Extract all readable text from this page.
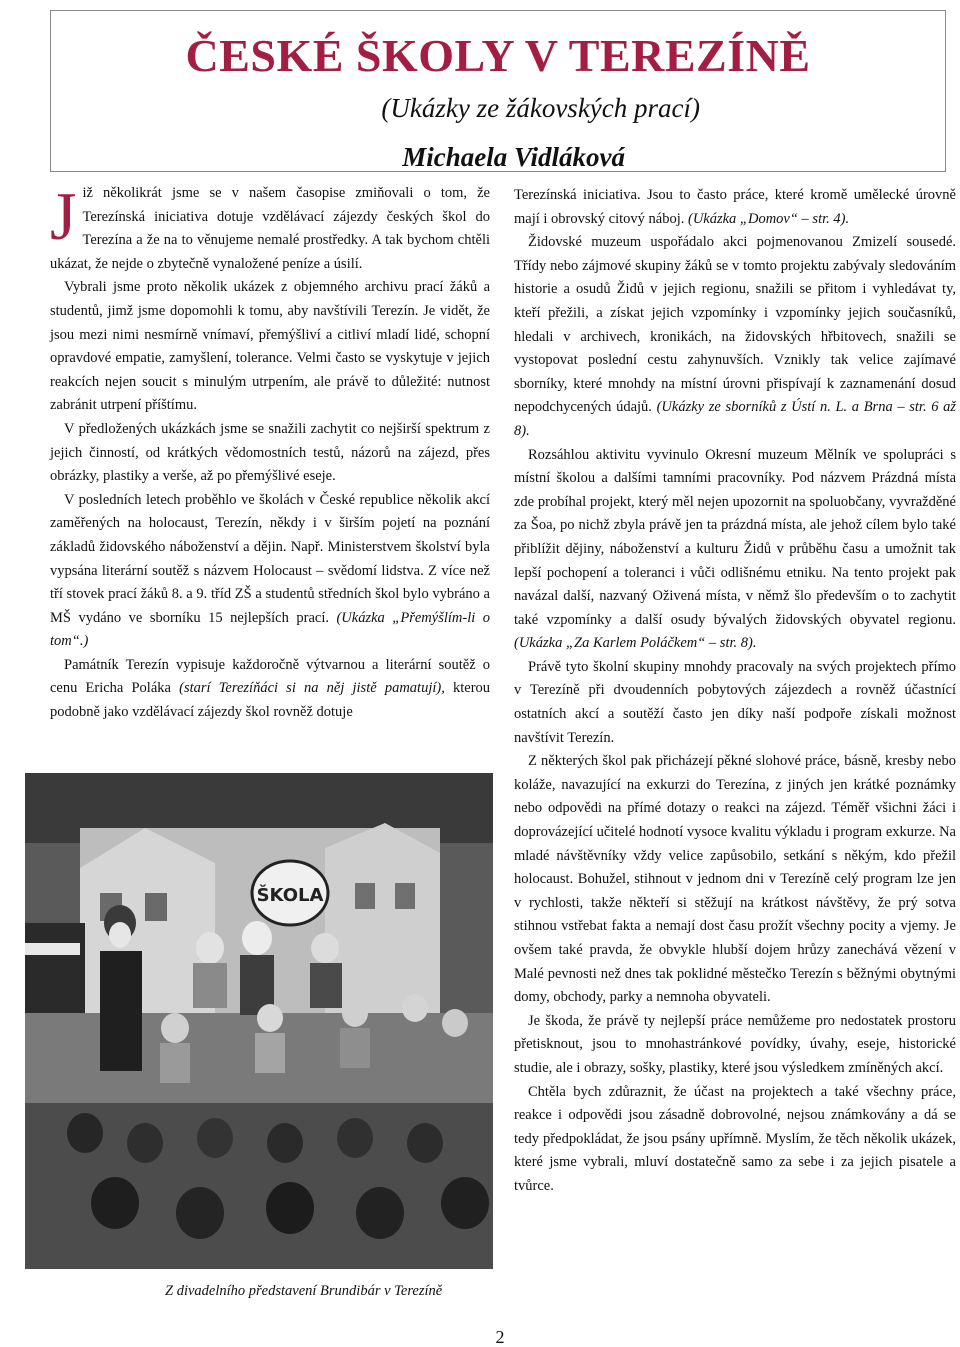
ČESKÉ ŠKOLY V TEREZÍNĚ

(Ukázky ze žákovských prací)

Michaela Vidláková

Již několikrát jsme se v našem časopise zmiňovali o tom, že Terezínská iniciativa dotuje vzdělávací zájezdy českých škol do Terezína a že na to věnujeme nemalé prostředky. A tak bychom chtěli ukázat, že nejde o zbytečně vynaložené peníze a úsilí.

Vybrali jsme proto několik ukázek z objemného archivu prací žáků a studentů, jimž jsme dopomohli k tomu, aby navštívili Terezín. Je vidět, že jsou mezi nimi nesmírně vnímaví, přemýšliví a citliví mladí lidé, schopní opravdové empatie, zamyšlení, tolerance. Velmi často se vyskytuje v jejich reakcích nejen soucit s minulým utrpením, ale právě to důležité: nutnost zabránit utrpení příštímu.

V předložených ukázkách jsme se snažili zachytit co nejširší spektrum z jejich činností, od krátkých vědomostních testů, názorů na zájezd, přes obrázky, plastiky a verše, až po přemýšlivé eseje.

V posledních letech proběhlo ve školách v České republice několik akcí zaměřených na holocaust, Terezín, někdy i v širším pojetí na poznání základů židovského náboženství a dějin. Např. Ministerstvem školství byla vypsána literární soutěž s názvem Holocaust – svědomí lidstva. Z více než tří stovek prací žáků 8. a 9. tříd ZŠ a studentů středních škol bylo vybráno a MŠ vydáno ve sborníku 15 nejlepších prací. (Ukázka „Přemýšlím-li o tom“.)

Památník Terezín vypisuje každoročně výtvarnou a literární soutěž o cenu Ericha Poláka (starí Terezíňáci si na něj jistě pamatují), kterou podobně jako vzdělávací zájezdy škol rovněž dotuje

ŠKOLA

Z divadelního představení Brundibár v Terezíně

Terezínská iniciativa. Jsou to často práce, které kromě umělecké úrovně mají i obrovský citový náboj. (Ukázka „Domov“ – str. 4).

Židovské muzeum uspořádalo akci pojmenovanou Zmizelí sousedé. Třídy nebo zájmové skupiny žáků se v tomto projektu zabývaly sledováním historie a osudů Židů v jejich regionu, snažili se přitom i vyhledávat ty, kteří přežili, a získat jejich vzpomínky i vzpomínky jejich současníků, hledali v archivech, kronikách, na židovských hřbitovech, snažili se vystopovat poslední cestu zahynuvších. Vznikly tak velice zajímavé sborníky, které mnohdy na místní úrovni přispívají k zaznamenání dosud nepodchycených údajů. (Ukázky ze sborníků z Ústí n. L. a Brna – str. 6 až 8).

Rozsáhlou aktivitu vyvinulo Okresní muzeum Mělník ve spolupráci s místní školou a dalšími tamními pracovníky. Pod názvem Prázdná místa zde probíhal projekt, který měl nejen upozornit na spoluobčany, vyvražděné za Šoa, po nichž zbyla právě jen ta prázdná místa, ale jehož cílem bylo také přiblížit dějiny, náboženství a kulturu Židů v průběhu času a umožnit tak lepší pochopení a toleranci i vůči odlišnému etniku. Na tento projekt pak navázal další, nazvaný Oživená místa, v němž šlo především o to zachytit také vzpomínky a další osudy bývalých židovských obyvatel regionu. (Ukázka „Za Karlem Poláčkem“ – str. 8).

Právě tyto školní skupiny mnohdy pracovaly na svých projektech přímo v Terezíně při dvoudenních pobytových zájezdech a rovněž účastnící ostatních akcí a soutěží často jen díky naší podpoře získali možnost navštívit Terezín.

Z některých škol pak přicházejí pěkné slohové práce, básně, kresby nebo koláže, navazující na exkurzi do Terezína, z jiných jen krátké poznámky nebo odpovědi na přímé dotazy o reakci na zájezd. Téměř všichni žáci i doprovázející učitelé hodnotí vysoce kvalitu výkladu i program exkurze. Na mladé návštěvníky vždy velice zapůsobilo, setkání s někým, kdo přežil holocaust. Bohužel, stihnout v jednom dni v Terezíně celý program lze jen v rychlosti, takže někteří si stěžují na krátkost návštěvy, že prý sotva stihnou vstřebat fakta a nemají dost času prožít všechny pocity a vjemy. Je ovšem také pravda, že obvykle hlubší dojem hrůzy zanechává vězení v Malé pevnosti než dnes tak poklidné městečko Terezín s běžnými obytnými domy, obchody, parky a nemnoha obyvateli.

Je škoda, že právě ty nejlepší práce nemůžeme pro nedostatek prostoru přetisknout, jsou to mnohastránkové povídky, úvahy, eseje, historické studie, ale i obrazy, sošky, plastiky, které jsou výsledkem zmíněných akcí.

Chtěla bych zdůraznit, že účast na projektech a také všechny práce, reakce i odpovědi jsou zásadně dobrovolné, nejsou známkovány a dá se tedy předpokládat, že jsou psány upřímně. Myslím, že těch několik ukázek, které jsme vybrali, mluví dostatečně samo za sebe i za jejich pisatele a tvůrce.

2
